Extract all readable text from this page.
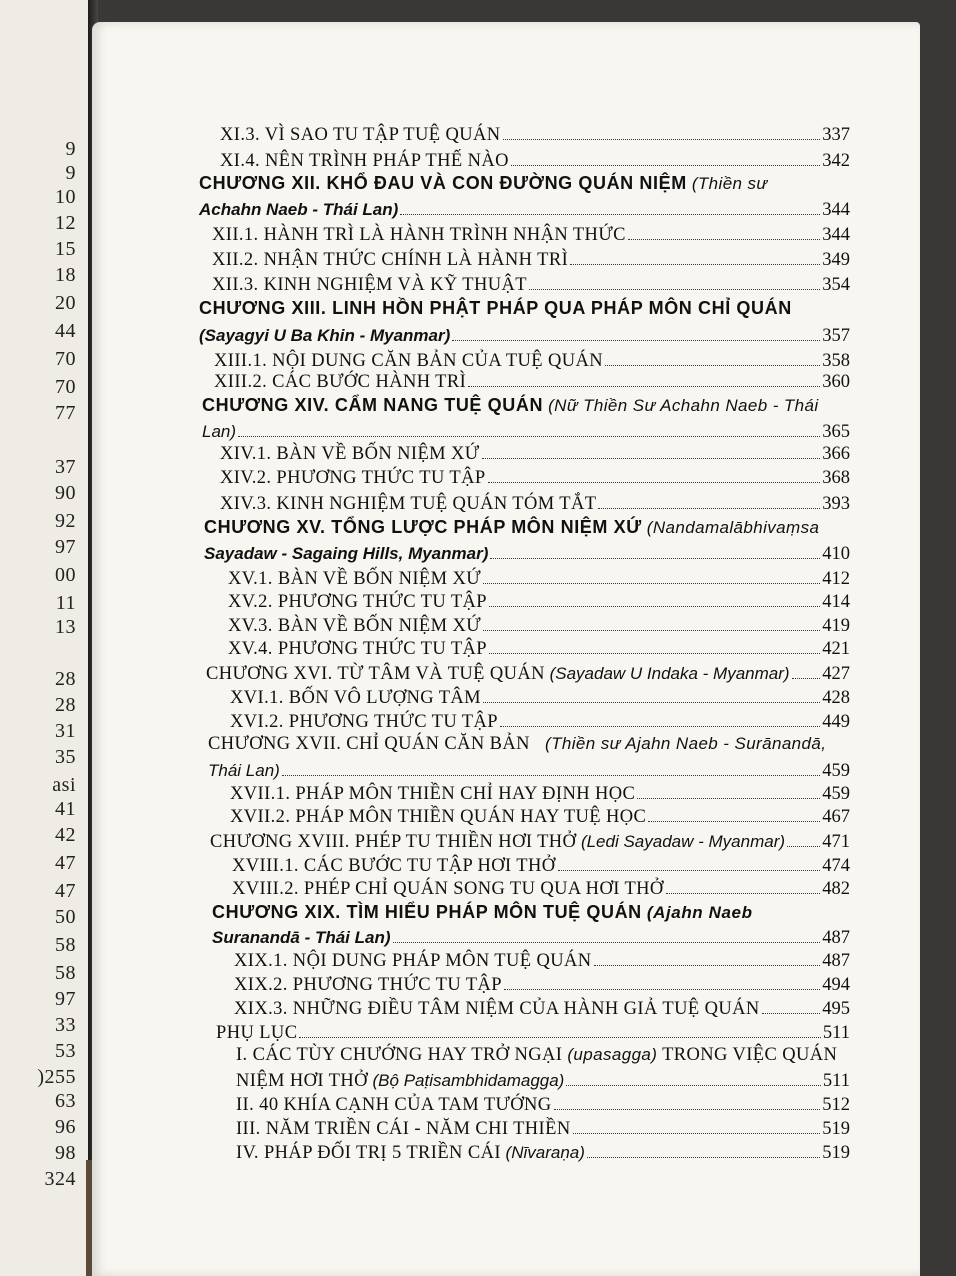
9
9
10
12
15
18
20
44
70
70
77
37
90
92
97
00
11
13
28
28
31
35
asi
41
42
47
47
50
58
58
97
33
53
)255
63
96
98
324
XI.3. VÌ SAO TU TẬP TUỆ QUÁN	337
XI.4. NÊN TRÌNH PHÁP THẾ NÀO	342
CHƯƠNG XII. KHỔ ĐAU VÀ CON ĐƯỜNG QUÁN NIỆM (Thiền sư
Achahn Naeb - Thái Lan)	344
XII.1. HÀNH TRÌ LÀ HÀNH TRÌNH NHẬN THỨC	344
XII.2. NHẬN THỨC CHÍNH LÀ HÀNH TRÌ	349
XII.3. KINH NGHIỆM VÀ KỸ THUẬT	354
CHƯƠNG XIII. LINH HỒN PHẬT PHÁP QUA PHÁP MÔN CHỈ QUÁN
(Sayagyi U Ba Khin - Myanmar)	357
XIII.1. NỘI DUNG CĂN BẢN CỦA TUỆ QUÁN	358
XIII.2. CÁC BƯỚC HÀNH TRÌ	360
CHƯƠNG XIV. CẨM NANG TUỆ QUÁN (Nữ Thiền Sư Achahn Naeb - Thái
Lan)	365
XIV.1. BÀN VỀ BỐN NIỆM XỨ	366
XIV.2. PHƯƠNG THỨC TU TẬP	368
XIV.3. KINH NGHIỆM TUỆ QUÁN TÓM TẮT	393
CHƯƠNG XV. TỔNG LƯỢC PHÁP MÔN NIỆM XỨ (Nandamalābhivaṃsa
Sayadaw - Sagaing Hills, Myanmar)	410
XV.1. BÀN VỀ BỐN NIỆM XỨ	412
XV.2. PHƯƠNG THỨC TU TẬP	414
XV.3. BÀN VỀ BỐN NIỆM XỨ	419
XV.4. PHƯƠNG THỨC TU TẬP	421
CHƯƠNG XVI. TỪ TÂM VÀ TUỆ QUÁN
(Sayadaw U Indaka - Myanmar) 427
XVI.1. BỐN VÔ LƯỢNG TÂM	428
XVI.2. PHƯƠNG THỨC TU TẬP	449
CHƯƠNG XVII. CHỈ QUÁN CĂN BẢN (Thiền sư Ajahn Naeb - Surānandā,
Thái Lan)	459
XVII.1. PHÁP MÔN THIỀN CHỈ HAY ĐỊNH HỌC	459
XVII.2. PHÁP MÔN THIỀN QUÁN HAY TUỆ HỌC	467
CHƯƠNG XVIII. PHÉP TU THIỀN HƠI THỞ
(Ledi Sayadaw - Myanmar) 471
XVIII.1. CÁC BƯỚC TU TẬP HƠI THỞ	474
XVIII.2. PHÉP CHỈ QUÁN SONG TU QUA HƠI THỞ	482
CHƯƠNG XIX. TÌM HIỂU PHÁP MÔN TUỆ QUÁN (Ajahn Naeb
Suranandā - Thái Lan)	487
XIX.1. NỘI DUNG PHÁP MÔN TUỆ QUÁN	487
XIX.2. PHƯƠNG THỨC TU TẬP	494
XIX.3. NHỮNG ĐIỀU TÂM NIỆM CỦA HÀNH GIẢ TUỆ QUÁN	495
PHỤ LỤC	511
I. CÁC TÙY CHƯỚNG HAY TRỞ NGẠI (upasagga) TRONG VIỆC QUÁN
NIỆM HƠI THỞ
(Bộ Paṭisambhidamagga)	511
II. 40 KHÍA CẠNH CỦA TAM TƯỚNG	512
III. NĂM TRIỀN CÁI - NĂM CHI THIỀN	519
IV. PHÁP ĐỐI TRỊ 5 TRIỀN CÁI
(Nīvaraṇa)	519
